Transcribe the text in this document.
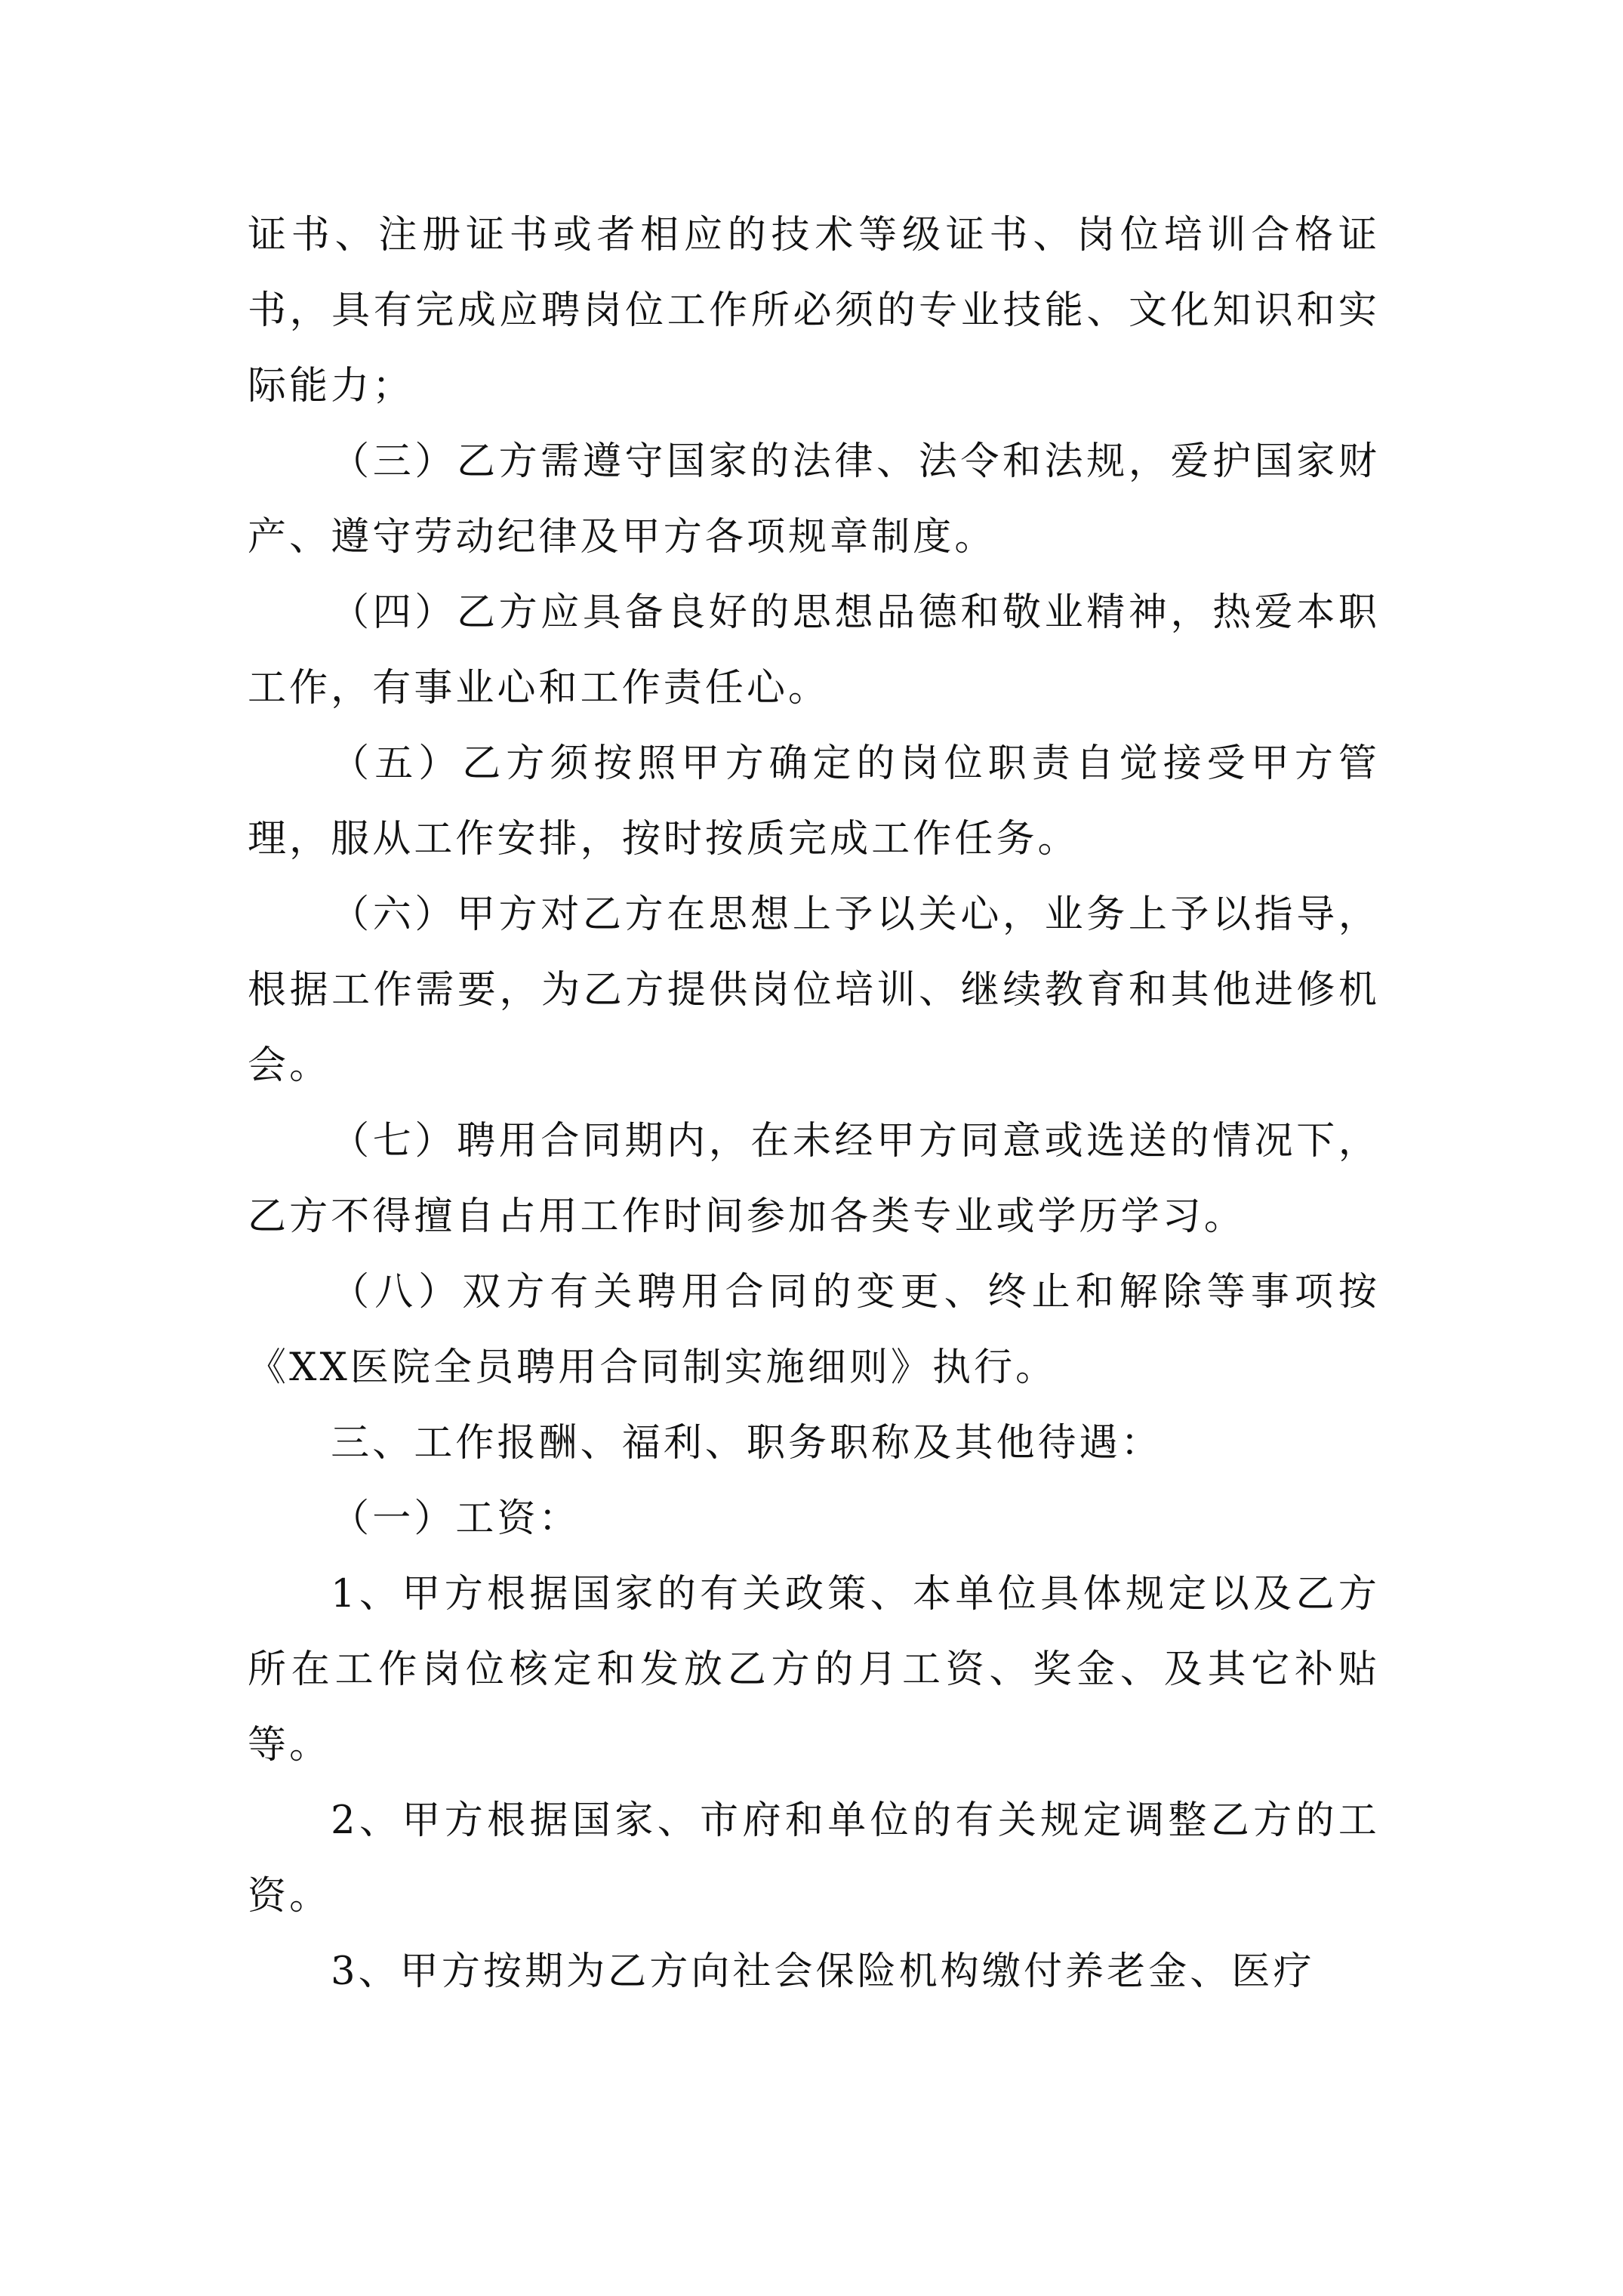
证书、注册证书或者相应的技术等级证书、岗位培训合格证书，具有完成应聘岗位工作所必须的专业技能、文化知识和实际能力；

（三）乙方需遵守国家的法律、法令和法规，爱护国家财产、遵守劳动纪律及甲方各项规章制度。

（四）乙方应具备良好的思想品德和敬业精神，热爱本职工作，有事业心和工作责任心。

（五）乙方须按照甲方确定的岗位职责自觉接受甲方管理，服从工作安排，按时按质完成工作任务。

（六）甲方对乙方在思想上予以关心，业务上予以指导，根据工作需要，为乙方提供岗位培训、继续教育和其他进修机会。

（七）聘用合同期内，在未经甲方同意或选送的情况下，乙方不得擅自占用工作时间参加各类专业或学历学习。

（八）双方有关聘用合同的变更、终止和解除等事项按《XX医院全员聘用合同制实施细则》执行。

三、工作报酬、福利、职务职称及其他待遇：

（一）工资：

1、甲方根据国家的有关政策、本单位具体规定以及乙方所在工作岗位核定和发放乙方的月工资、奖金、及其它补贴等。

2、甲方根据国家、市府和单位的有关规定调整乙方的工资。

3、甲方按期为乙方向社会保险机构缴付养老金、医疗
